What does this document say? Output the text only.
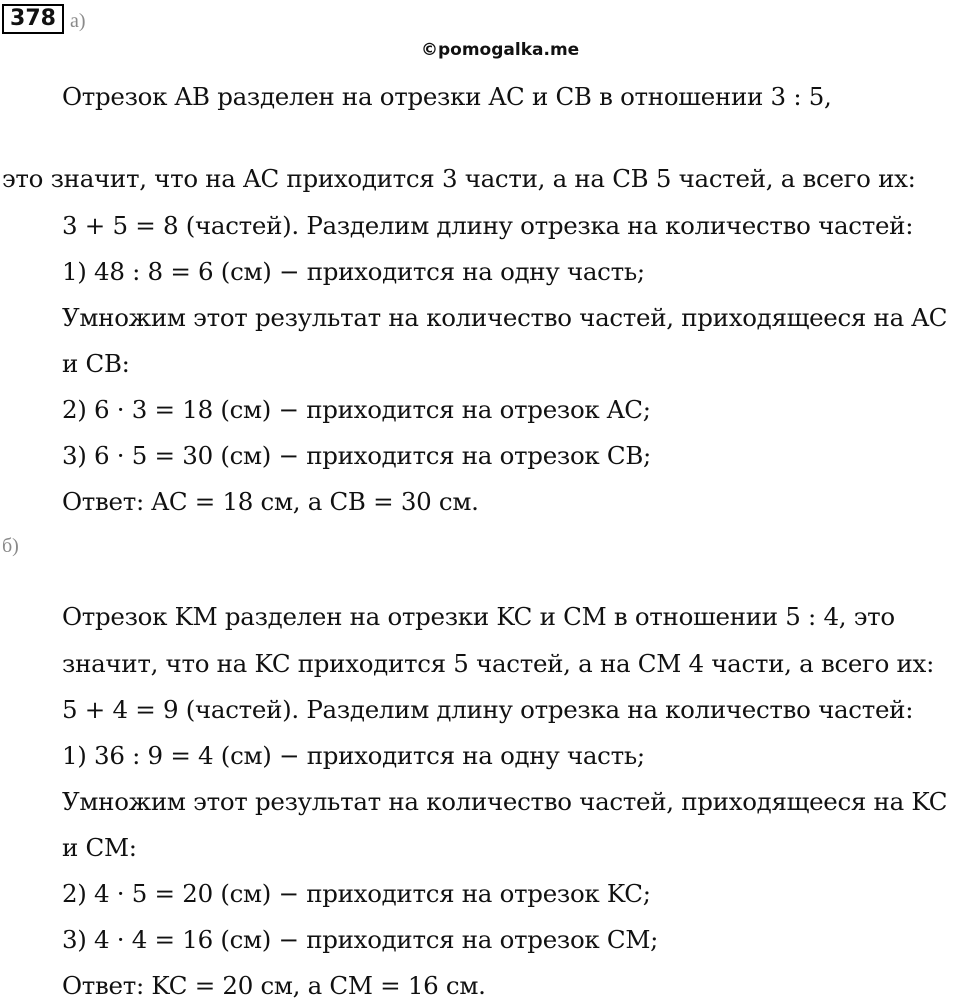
378 а)
©pomogalka.me
Отрезок AB разделен на отрезки AC и CB в отношении 3 : 5,
это значит, что на AC приходится 3 части, а на CB 5 частей, а всего их:
3 + 5 = 8 (частей). Разделим длину отрезка на количество частей:
1) 48 : 8 = 6 (см) − приходится на одну часть;
Умножим этот результат на количество частей, приходящееся на AC
и CB:
2) 6 · 3 = 18 (см) − приходится на отрезок AC;
3) 6 · 5 = 30 (см) − приходится на отрезок CB;
Ответ: AC = 18 см, а CB = 30 см.
б)
Отрезок KM разделен на отрезки KC и CM в отношении 5 : 4, это
значит, что на KC приходится 5 частей, а на CM 4 части, а всего их:
5 + 4 = 9 (частей). Разделим длину отрезка на количество частей:
1) 36 : 9 = 4 (см) − приходится на одну часть;
Умножим этот результат на количество частей, приходящееся на KC
и CM:
2) 4 · 5 = 20 (см) − приходится на отрезок KC;
3) 4 · 4 = 16 (см) − приходится на отрезок CM;
Ответ: KC = 20 см, а CM = 16 см.
